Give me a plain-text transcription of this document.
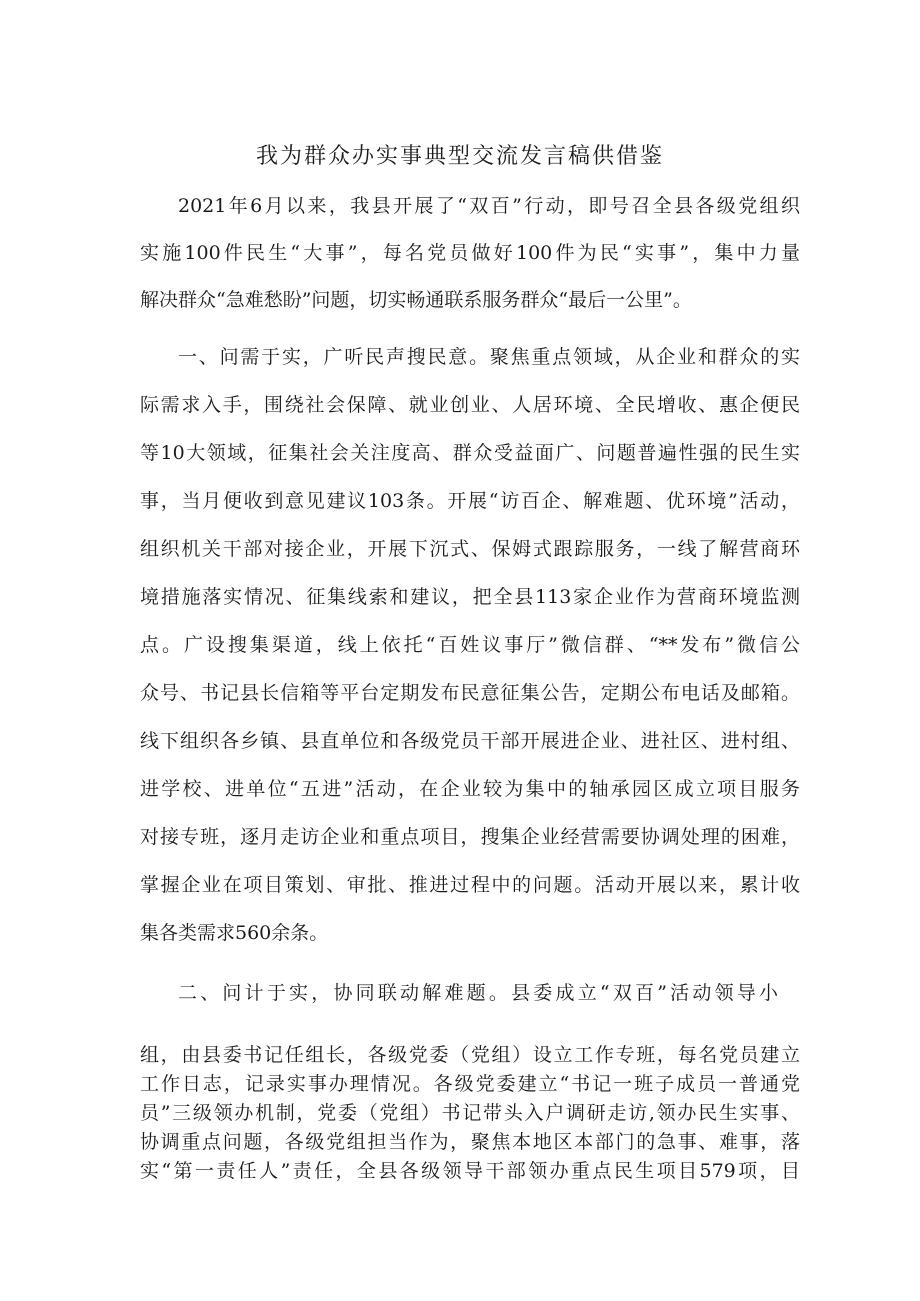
我为群众办实事典型交流发言稿供借鉴
2021年6月以来，我县开展了“双百”行动，即号召全县各级党组织
实施100件民生“大事”，每名党员做好100件为民“实事”，集中力量
解决群众“急难愁盼”问题，切实畅通联系服务群众“最后一公里”。
一、问需于实，广听民声搜民意。聚焦重点领域，从企业和群众的实
际需求入手，围绕社会保障、就业创业、人居环境、全民增收、惠企便民
等10大领域，征集社会关注度高、群众受益面广、问题普遍性强的民生实
事，当月便收到意见建议103条。开展“访百企、解难题、优环境”活动，
组织机关干部对接企业，开展下沉式、保姆式跟踪服务，一线了解营商环
境措施落实情况、征集线索和建议，把全县113家企业作为营商环境监测
点。广设搜集渠道，线上依托“百姓议事厅”微信群、“**发布”微信公
众号、书记县长信箱等平台定期发布民意征集公告，定期公布电话及邮箱。
线下组织各乡镇、县直单位和各级党员干部开展进企业、进社区、进村组、
进学校、进单位“五进”活动，在企业较为集中的轴承园区成立项目服务
对接专班，逐月走访企业和重点项目，搜集企业经营需要协调处理的困难，
掌握企业在项目策划、审批、推进过程中的问题。活动开展以来，累计收
集各类需求560余条。
二、问计于实，协同联动解难题。县委成立“双百”活动领导小
组，由县委书记任组长，各级党委（党组）设立工作专班，每名党员建立
工作日志，记录实事办理情况。各级党委建立“书记一班子成员一普通党
员”三级领办机制，党委（党组）书记带头入户调研走访,领办民生实事、
协调重点问题，各级党组担当作为，聚焦本地区本部门的急事、难事，落
实“第一责任人”责任，全县各级领导干部领办重点民生项目579项，目
